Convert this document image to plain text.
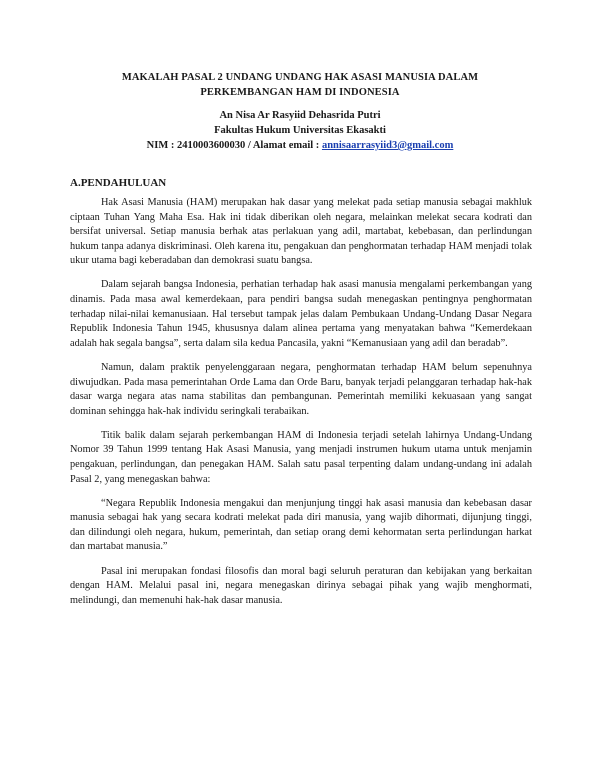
MAKALAH PASAL 2 UNDANG UNDANG HAK ASASI MANUSIA DALAM
PERKEMBANGAN HAM DI INDONESIA
An Nisa Ar Rasyiid Dehasrida Putri
Fakultas Hukum Universitas Ekasakti
NIM : 2410003600030 / Alamat email : annisaarrasyiid3@gmail.com
A.PENDAHULUAN

Hak Asasi Manusia (HAM) merupakan hak dasar yang melekat pada setiap manusia sebagai makhluk ciptaan Tuhan Yang Maha Esa. Hak ini tidak diberikan oleh negara, melainkan melekat secara kodrati dan bersifat universal. Setiap manusia berhak atas perlakuan yang adil, martabat, kebebasan, dan perlindungan hukum tanpa adanya diskriminasi. Oleh karena itu, pengakuan dan penghormatan terhadap HAM menjadi tolak ukur utama bagi keberadaban dan demokrasi suatu bangsa.

Dalam sejarah bangsa Indonesia, perhatian terhadap hak asasi manusia mengalami perkembangan yang dinamis. Pada masa awal kemerdekaan, para pendiri bangsa sudah menegaskan pentingnya penghormatan terhadap nilai-nilai kemanusiaan. Hal tersebut tampak jelas dalam Pembukaan Undang-Undang Dasar Negara Republik Indonesia Tahun 1945, khususnya dalam alinea pertama yang menyatakan bahwa “Kemerdekaan adalah hak segala bangsa”, serta dalam sila kedua Pancasila, yakni “Kemanusiaan yang adil dan beradab”.

Namun, dalam praktik penyelenggaraan negara, penghormatan terhadap HAM belum sepenuhnya diwujudkan. Pada masa pemerintahan Orde Lama dan Orde Baru, banyak terjadi pelanggaran terhadap hak-hak dasar warga negara atas nama stabilitas dan pembangunan. Pemerintah memiliki kekuasaan yang sangat dominan sehingga hak-hak individu seringkali terabaikan.

Titik balik dalam sejarah perkembangan HAM di Indonesia terjadi setelah lahirnya Undang-Undang Nomor 39 Tahun 1999 tentang Hak Asasi Manusia, yang menjadi instrumen hukum utama untuk menjamin pengakuan, perlindungan, dan penegakan HAM. Salah satu pasal terpenting dalam undang-undang ini adalah Pasal 2, yang menegaskan bahwa:

“Negara Republik Indonesia mengakui dan menjunjung tinggi hak asasi manusia dan kebebasan dasar manusia sebagai hak yang secara kodrati melekat pada diri manusia, yang wajib dihormati, dijunjung tinggi, dan dilindungi oleh negara, hukum, pemerintah, dan setiap orang demi kehormatan serta perlindungan harkat dan martabat manusia.”

Pasal ini merupakan fondasi filosofis dan moral bagi seluruh peraturan dan kebijakan yang berkaitan dengan HAM. Melalui pasal ini, negara menegaskan dirinya sebagai pihak yang wajib menghormati, melindungi, dan memenuhi hak-hak dasar manusia.
